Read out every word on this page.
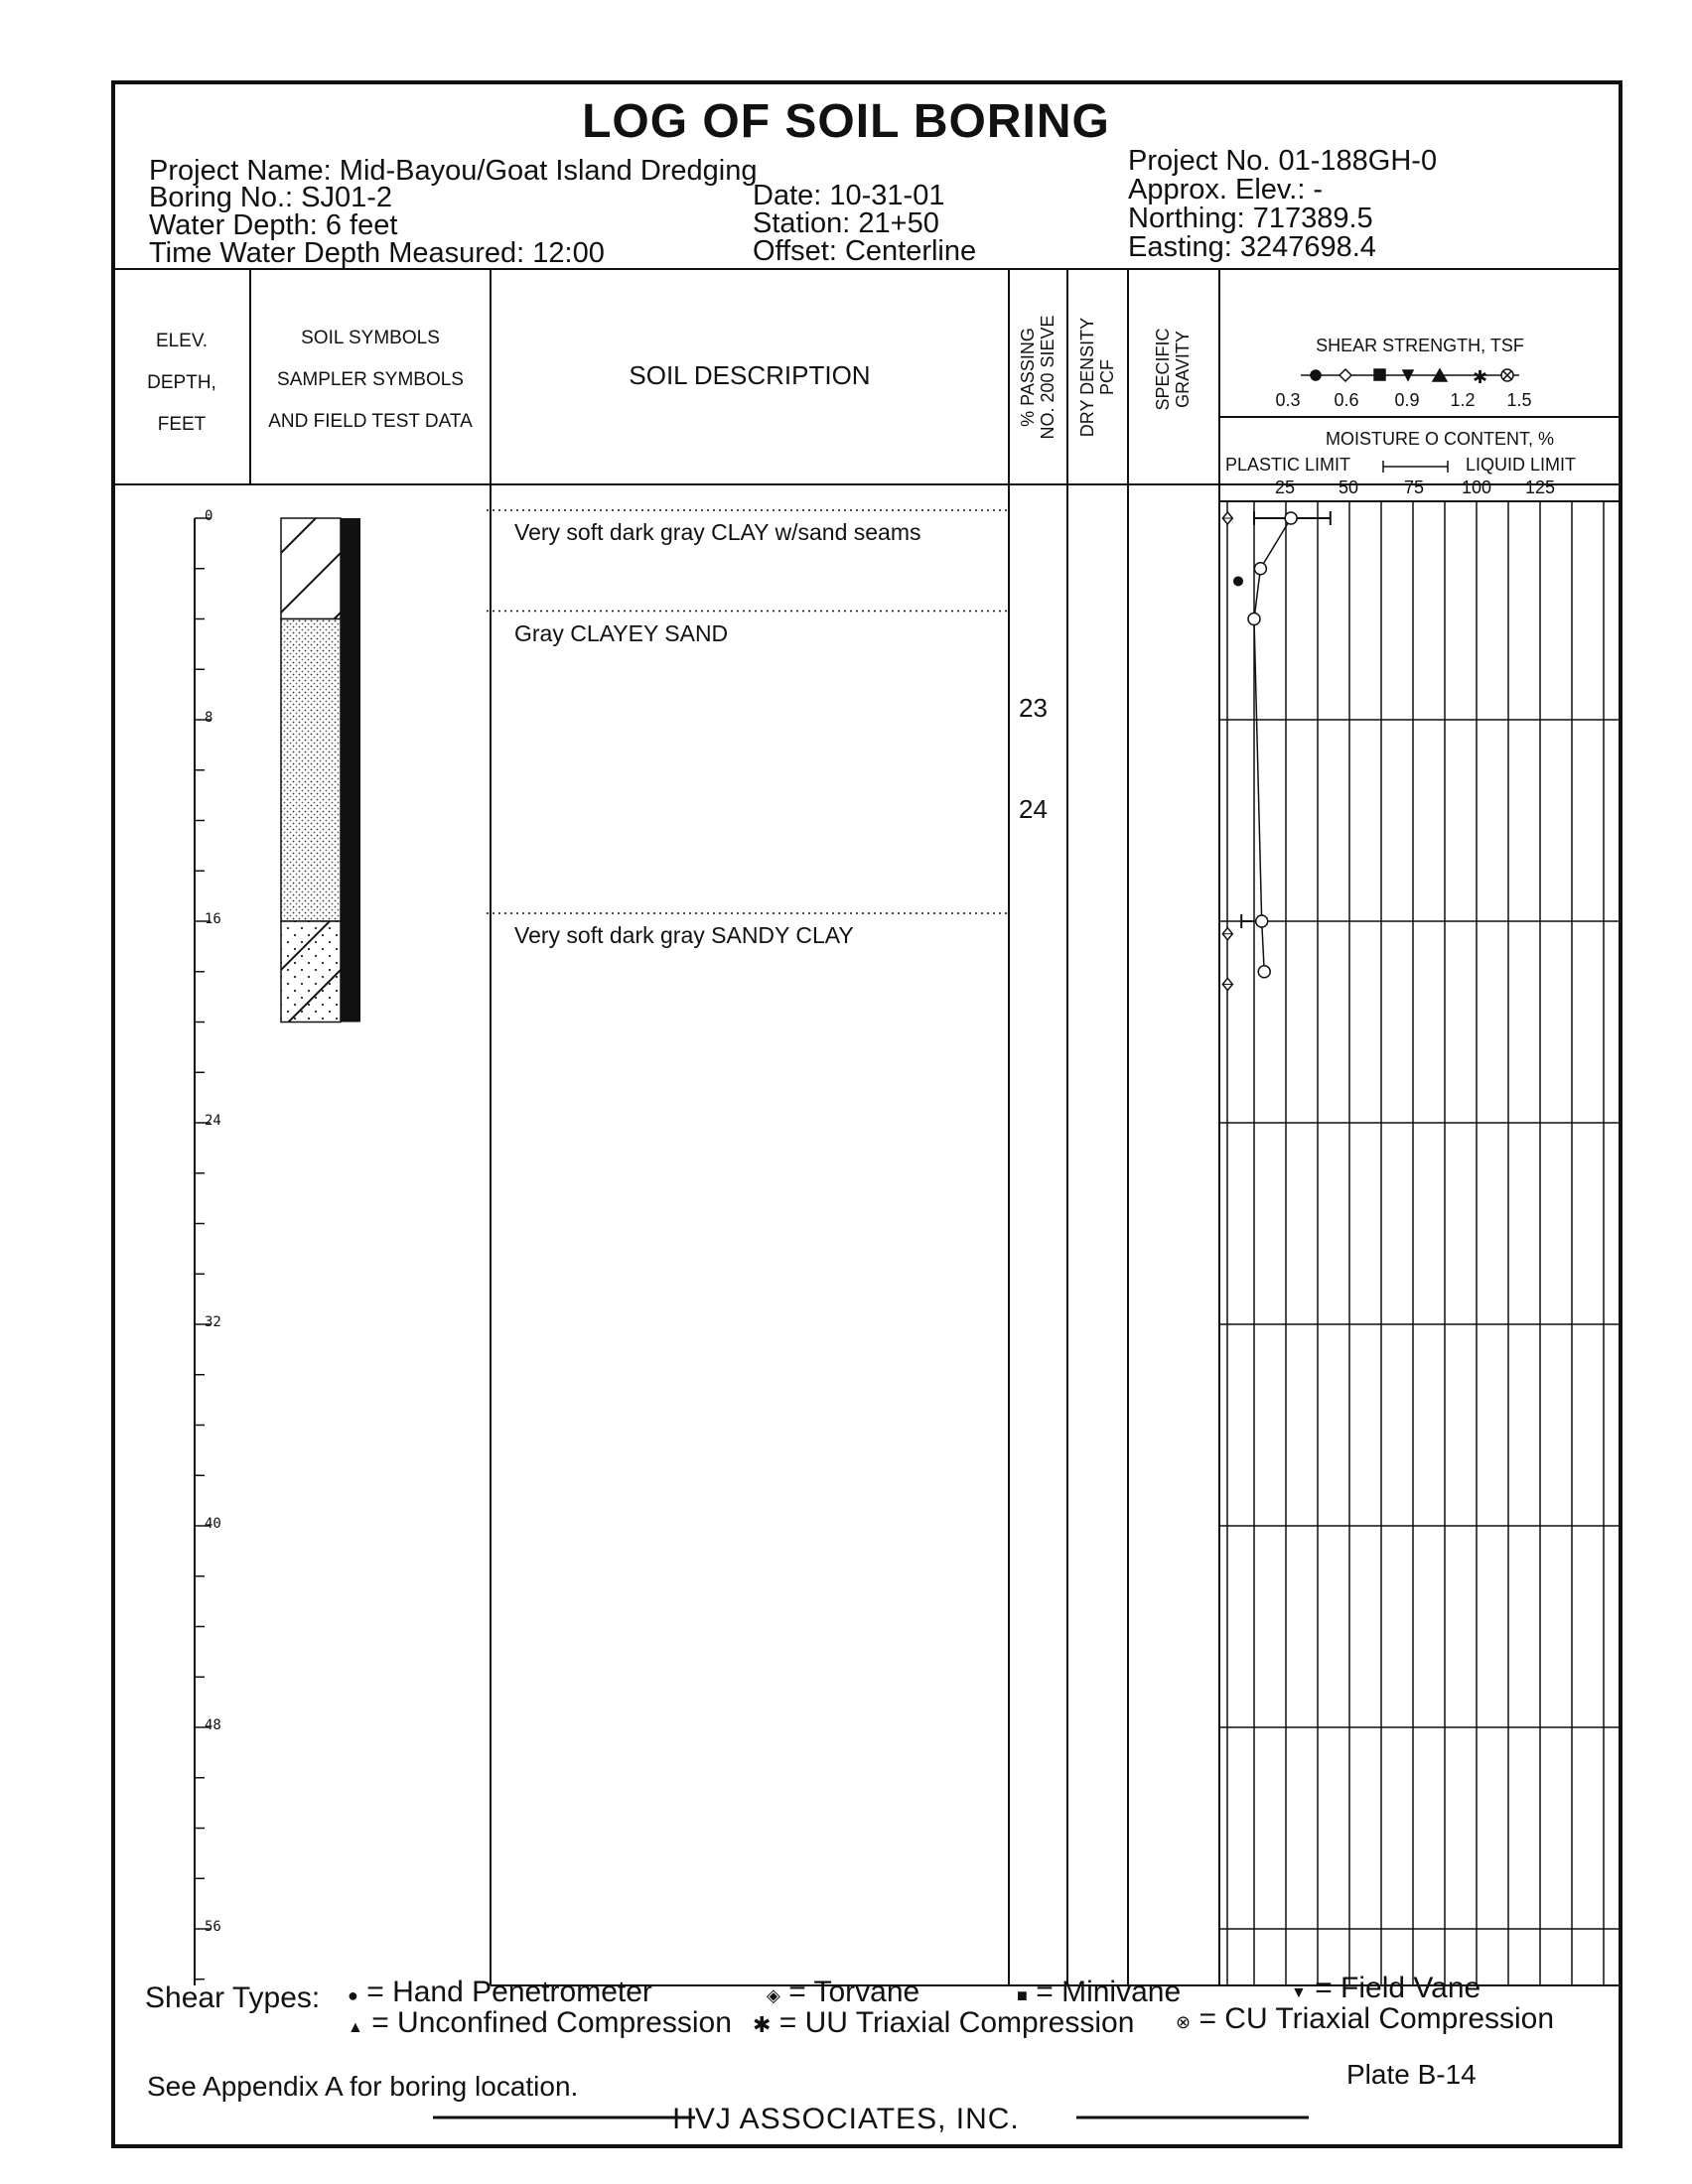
✱
LOG OF SOIL BORING
Project Name: Mid-Bayou/Goat Island Dredging
Boring No.: SJ01-2
Water Depth: 6 feet
Time Water Depth Measured: 12:00
Date: 10-31-01
Station: 21+50
Offset: Centerline
Project No. 01-188GH-0
Approx. Elev.: -
Northing: 717389.5
Easting: 3247698.4
ELEV.
DEPTH,
FEET
SOIL SYMBOLS
SAMPLER SYMBOLS
AND FIELD TEST DATA
SOIL DESCRIPTION	% PASSING NO. 200 SIEVE DRY DENSITY PCF SPECIFIC GRAVITY	SHEAR STRENGTH, TSF
0.3	0.6	0.9	1.2	1.5
MOISTURE O CONTENT, %
PLASTIC LIMIT	LIQUID LIMIT
25	50	75	100	125
0
8
16
24
32
40
48
56
Very soft dark gray CLAY w/sand seams
Gray CLAYEY SAND
Very soft dark gray SANDY CLAY
23
24
Shear Types: ● = Hand Penetrometer	◈ = Torvane	■ = Minivane	▼ = Field Vane
▲ = Unconfined Compression ✱ = UU Triaxial Compression ⊗ = CU Triaxial Compression
See Appendix A for boring location.	Plate B-14
HVJ ASSOCIATES, INC.
